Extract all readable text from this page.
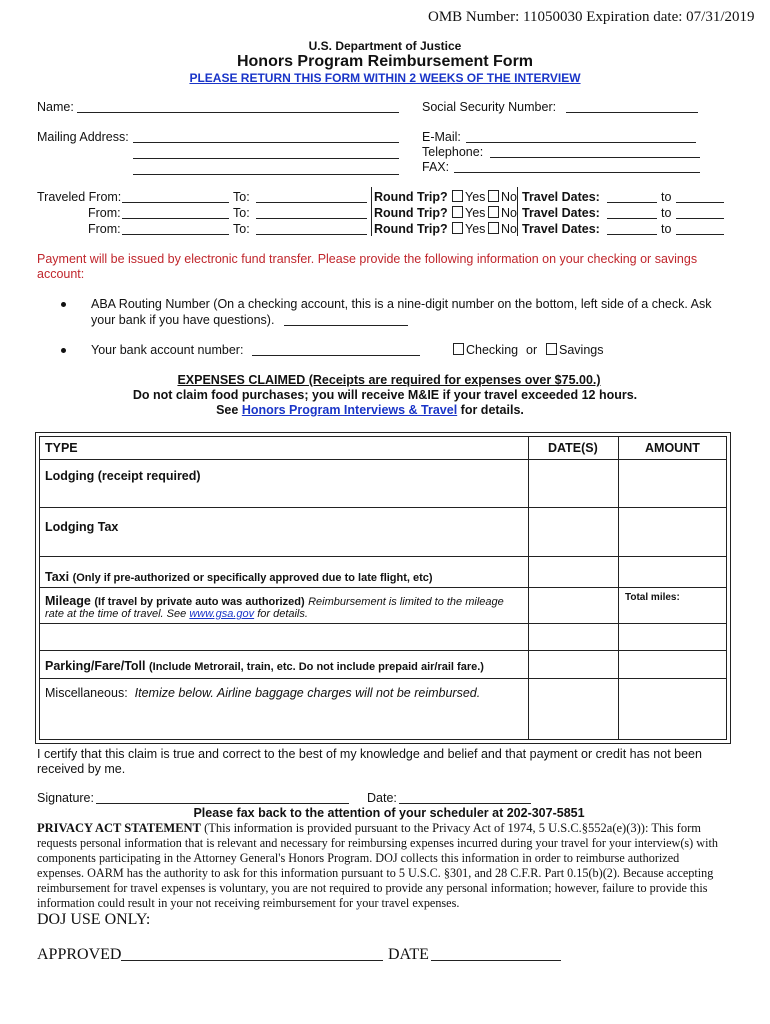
OMB Number: 11050030 Expiration date: 07/31/2019
U.S. Department of Justice
Honors Program Reimbursement Form
PLEASE RETURN THIS FORM WITHIN 2 WEEKS OF THE INTERVIEW
Name:	Social Security Number:
Mailing Address:	E-Mail:
Telephone:
FAX:
Traveled From:	To:	Round Trip?	Yes	No Travel Dates:	to
From:	To:	Round Trip?	Yes	No Travel Dates:	to
From:	To:	Round Trip?	Yes	No Travel Dates:	to
Payment will be issued by electronic fund transfer. Please provide the following information on your checking or savings
account:
ABA Routing Number (On a checking account, this is a nine-digit number on the bottom, left side of a check. Ask
your bank if you have questions).
Your bank account number:	Checking or	Savings
EXPENSES CLAIMED (Receipts are required for expenses over $75.00.)
Do not claim food purchases; you will receive M&IE if your travel exceeded 12 hours.
See Honors Program Interviews & Travel for details.
TYPE	DATE(S)	AMOUNT
Lodging (receipt required)
Lodging Tax
Taxi (Only if pre-authorized or specifically approved due to late flight, etc)
Mileage (If travel by private auto was authorized) Reimbursement is limited to the mileage
rate at the time of travel. See www.gsa.gov for details.
Total miles:
Parking/Fare/Toll (Include Metrorail, train, etc. Do not include prepaid air/rail fare.)
Miscellaneous: Itemize below. Airline baggage charges will not be reimbursed.
I certify that this claim is true and correct to the best of my knowledge and belief and that payment or credit has not been
received by me.
Signature:	Date:
Please fax back to the attention of your scheduler at 202-307-5851
PRIVACY ACT STATEMENT (This information is provided pursuant to the Privacy Act of 1974, 5 U.S.C.§552a(e)(3)): This form
requests personal information that is relevant and necessary for reimbursing expenses incurred during your travel for your interview(s) with
components participating in the Attorney General's Honors Program. DOJ collects this information in order to reimburse authorized
expenses. OARM has the authority to ask for this information pursuant to 5 U.S.C. §301, and 28 C.F.R. Part 0.15(b)(2). Because accepting
reimbursement for travel expenses is voluntary, you are not required to provide any personal information; however, failure to provide this
information could result in your not receiving reimbursement for your travel expenses.
DOJ USE ONLY:
APPROVED	DATE
